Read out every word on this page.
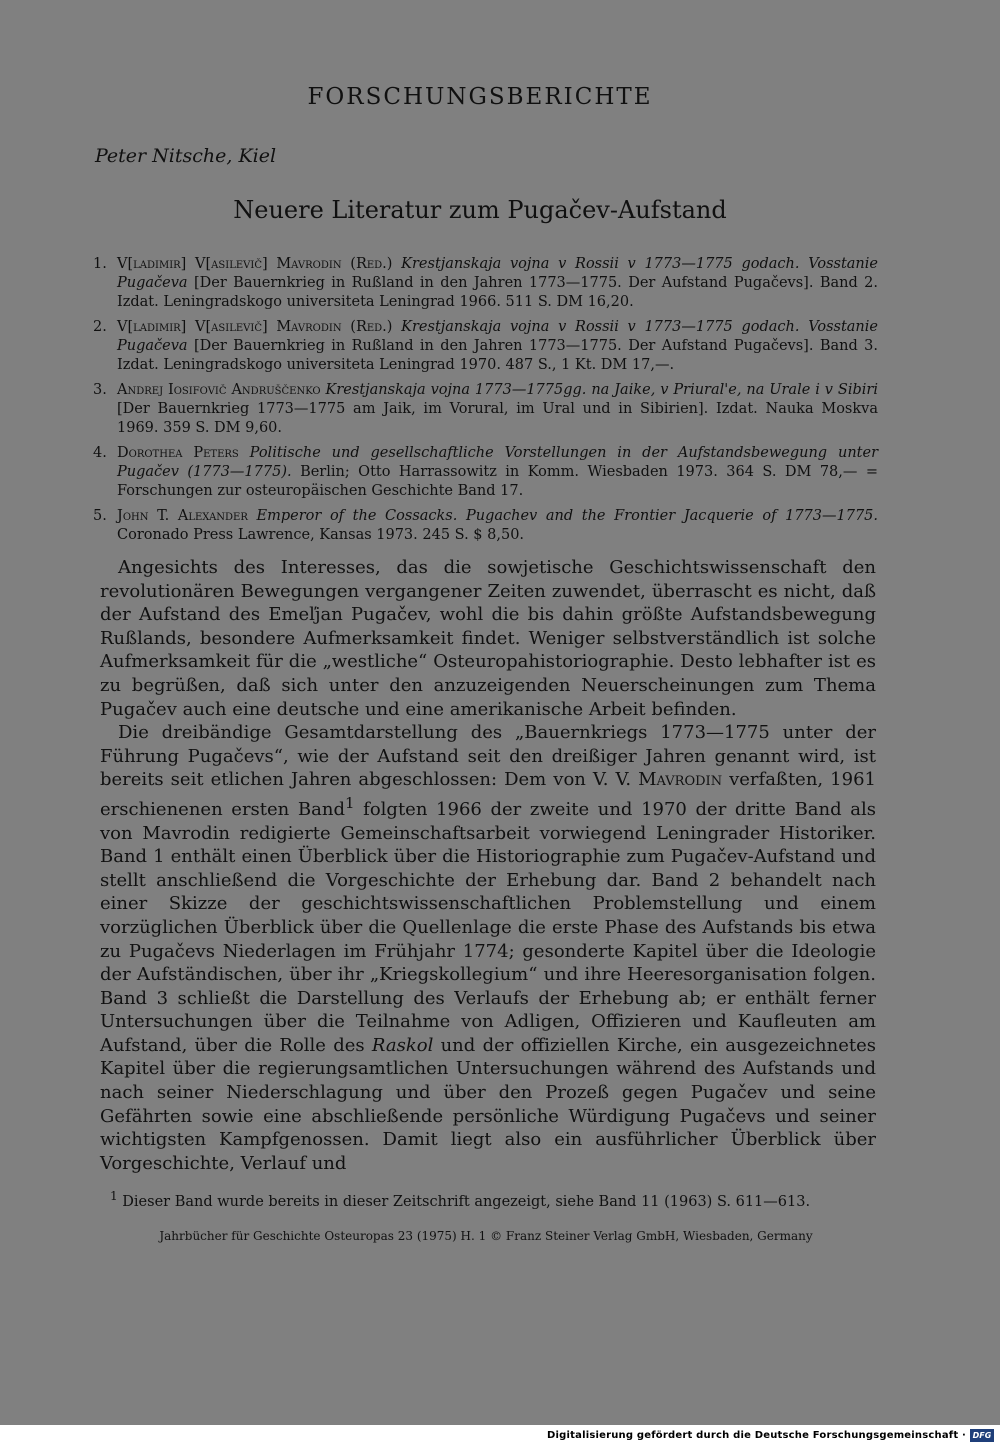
FORSCHUNGSBERICHTE
Peter Nitsche, Kiel
Neuere Literatur zum Pugačev-Aufstand
1. V[ladimir] V[asilevič] Mavrodin (Red.) Krestjanskaja vojna v Rossii v 1773—1775 godach. Vosstanie Pugačeva [Der Bauernkrieg in Rußland in den Jahren 1773—1775. Der Aufstand Pugačevs]. Band 2. Izdat. Leningradskogo universiteta Leningrad 1966. 511 S. DM 16,20.
2. V[ladimir] V[asilevič] Mavrodin (Red.) Krestjanskaja vojna v Rossii v 1773—1775 godach. Vosstanie Pugačeva [Der Bauernkrieg in Rußland in den Jahren 1773—1775. Der Aufstand Pugačevs]. Band 3. Izdat. Leningradskogo universiteta Leningrad 1970. 487 S., 1 Kt. DM 17,—.
3. Andrej Iosifovič Andruščenko Krestjanskaja vojna 1773—1775gg. na Jaike, v Priural'e, na Urale i v Sibiri [Der Bauernkrieg 1773—1775 am Jaik, im Vorural, im Ural und in Sibirien]. Izdat. Nauka Moskva 1969. 359 S. DM 9,60.
4. Dorothea Peters Politische und gesellschaftliche Vorstellungen in der Aufstandsbewegung unter Pugačev (1773—1775). Berlin; Otto Harrassowitz in Komm. Wiesbaden 1973. 364 S. DM 78,— = Forschungen zur osteuropäischen Geschichte Band 17.
5. John T. Alexander Emperor of the Cossacks. Pugachev and the Frontier Jacquerie of 1773—1775. Coronado Press Lawrence, Kansas 1973. 245 S. $ 8,50.

Angesichts des Interesses, das die sowjetische Geschichtswissenschaft den revolutionären Bewegungen vergangener Zeiten zuwendet, überrascht es nicht, daß der Aufstand des Emeľjan Pugačev, wohl die bis dahin größte Aufstandsbewegung Rußlands, besondere Aufmerksamkeit findet. Weniger selbstverständlich ist solche Aufmerksamkeit für die „westliche“ Osteuropahistoriographie. Desto lebhafter ist es zu begrüßen, daß sich unter den anzuzeigenden Neuerscheinungen zum Thema Pugačev auch eine deutsche und eine amerikanische Arbeit befinden.

Die dreibändige Gesamtdarstellung des „Bauernkriegs 1773—1775 unter der Führung Pugačevs“, wie der Aufstand seit den dreißiger Jahren genannt wird, ist bereits seit etlichen Jahren abgeschlossen: Dem von V. V. Mavrodin verfaßten, 1961 erschienenen ersten Band$^1$ folgten 1966 der zweite und 1970 der dritte Band als von Mavrodin redigierte Gemeinschaftsarbeit vorwiegend Leningrader Historiker. Band 1 enthält einen Überblick über die Historiographie zum Pugačev-Aufstand und stellt anschließend die Vorgeschichte der Erhebung dar. Band 2 behandelt nach einer Skizze der geschichtswissenschaftlichen Problemstellung und einem vorzüglichen Überblick über die Quellenlage die erste Phase des Aufstands bis etwa zu Pugačevs Niederlagen im Frühjahr 1774; gesonderte Kapitel über die Ideologie der Aufständischen, über ihr „Kriegskollegium“ und ihre Heeresorganisation folgen. Band 3 schließt die Darstellung des Verlaufs der Erhebung ab; er enthält ferner Untersuchungen über die Teilnahme von Adligen, Offizieren und Kaufleuten am Aufstand, über die Rolle des Raskol und der offiziellen Kirche, ein ausgezeichnetes Kapitel über die regierungsamtlichen Untersuchungen während des Aufstands und nach seiner Niederschlagung und über den Prozeß gegen Pugačev und seine Gefährten sowie eine abschließende persönliche Würdigung Pugačevs und seiner wichtigsten Kampfgenossen. Damit liegt also ein ausführlicher Überblick über Vorgeschichte, Verlauf und

$^1$ Dieser Band wurde bereits in dieser Zeitschrift angezeigt, siehe Band 11 (1963) S. 611—613.
Jahrbücher für Geschichte Osteuropas 23 (1975) H. 1 © Franz Steiner Verlag GmbH, Wiesbaden, Germany
Digitalisierung gefördert durch die Deutsche Forschungsgemeinschaft · DFG
